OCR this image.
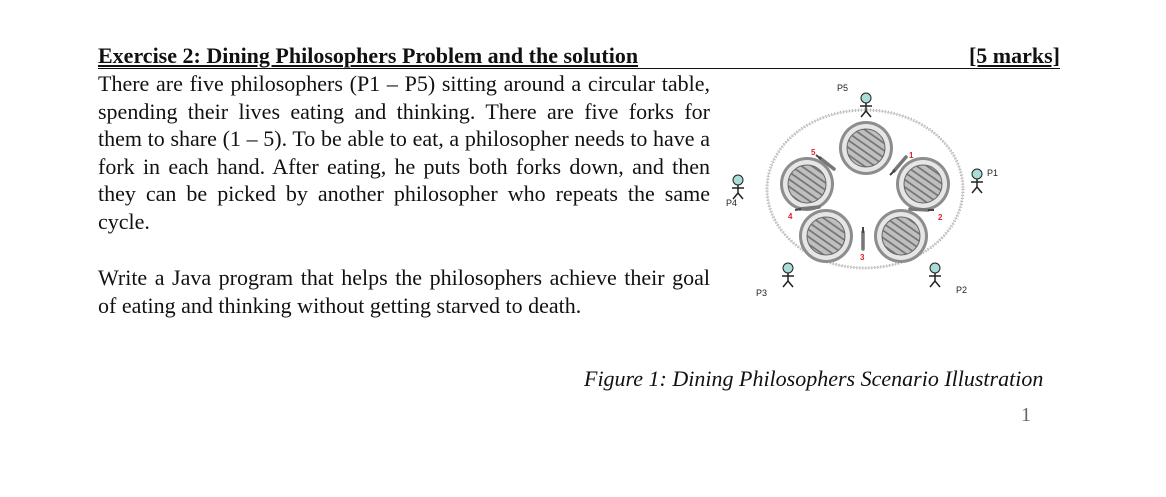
Exercise 2: Dining Philosophers Problem and the solution	[5 marks]
There are five philosophers (P1 – P5) sitting around a circular table, spending their lives eating and thinking. There are five forks for them to share (1 – 5). To be able to eat, a philosopher needs to have a fork in each hand. After eating, he puts both forks down, and then they can be picked by another philosopher who repeats the same cycle.
Write a Java program that helps the philosophers achieve their goal of eating and thinking without getting starved to death.
1
2
3
4
5
P5
P1
P2
P3
P4
Figure 1: Dining Philosophers Scenario Illustration
1
